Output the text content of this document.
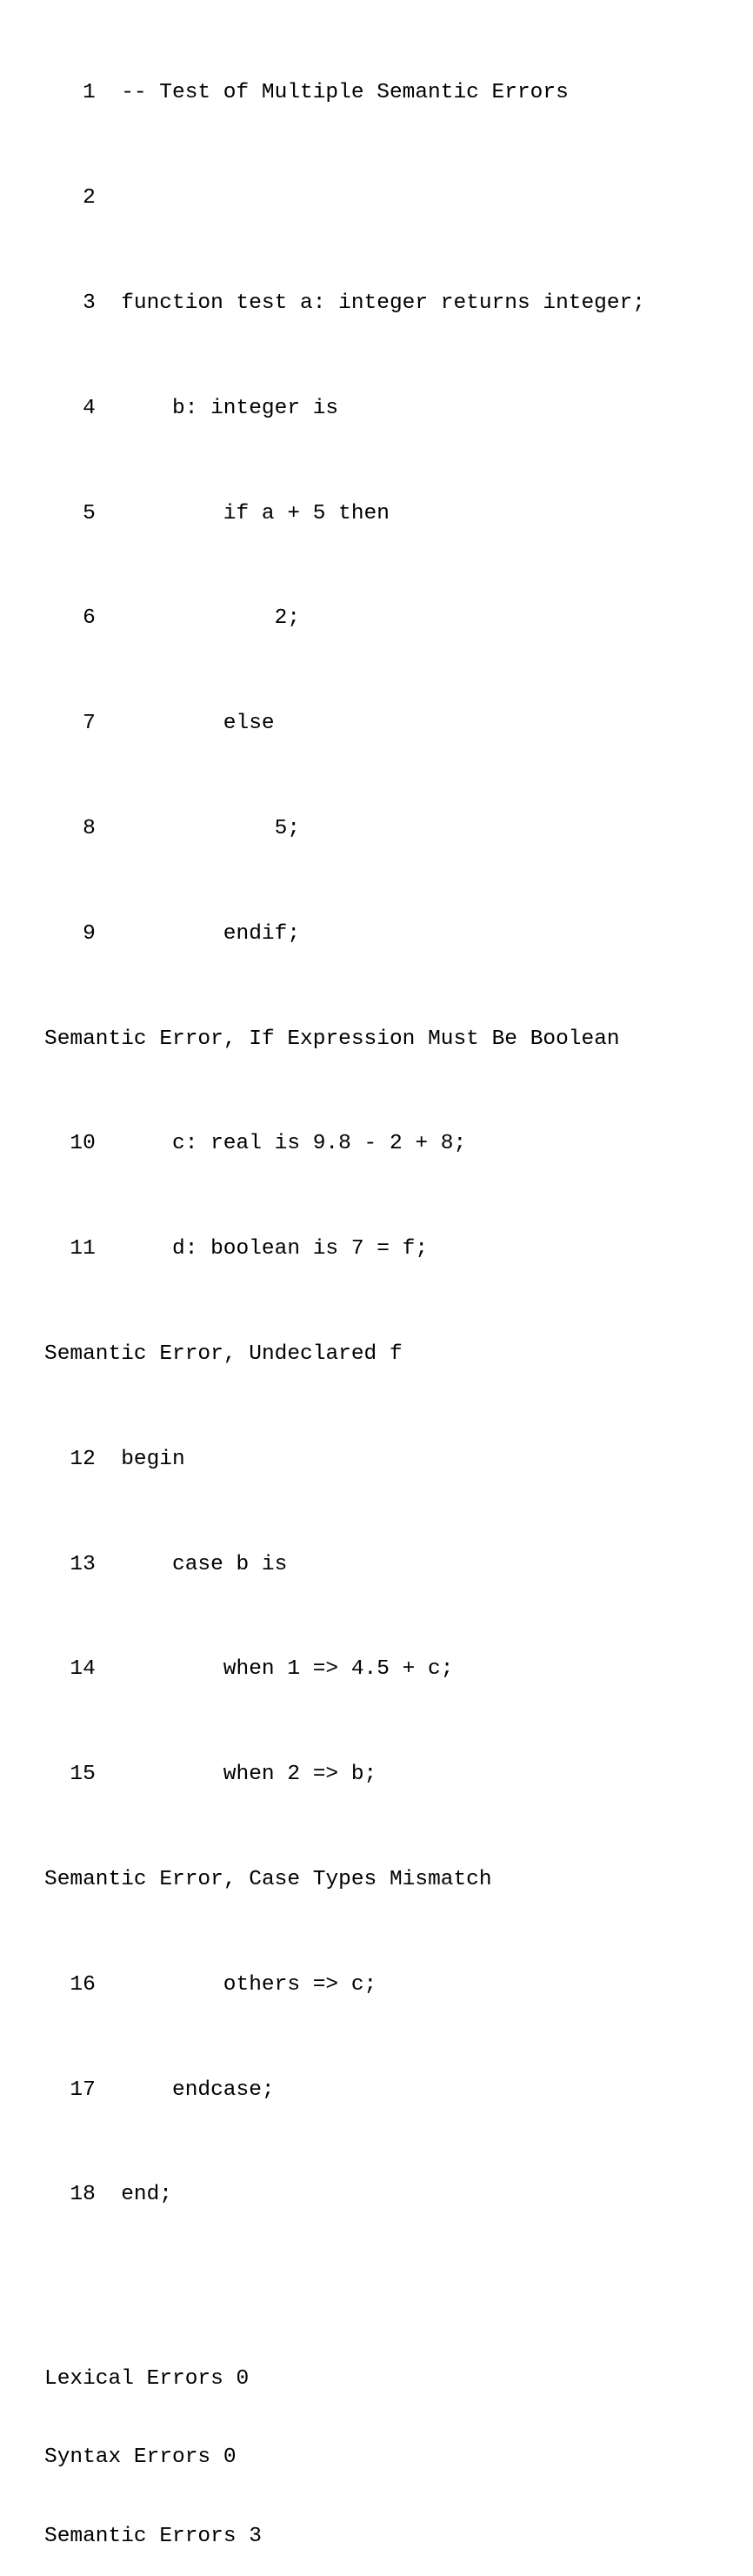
1 -- Test of Multiple Semantic Errors

2

3 function test a: integer returns integer;

4    b: integer is

5        if a + 5 then

6            2;

7        else

8            5;

9        endif;

Semantic Error, If Expression Must Be Boolean

10    c: real is 9.8 - 2 + 8;

11    d: boolean is 7 = f;

Semantic Error, Undeclared f

12 begin

13    case b is

14        when 1 => 4.5 + c;

15        when 2 => b;

Semantic Error, Case Types Mismatch

16        others => c;

17    endcase;

18 end;

Lexical Errors 0

Syntax Errors 0

Semantic Errors 3
